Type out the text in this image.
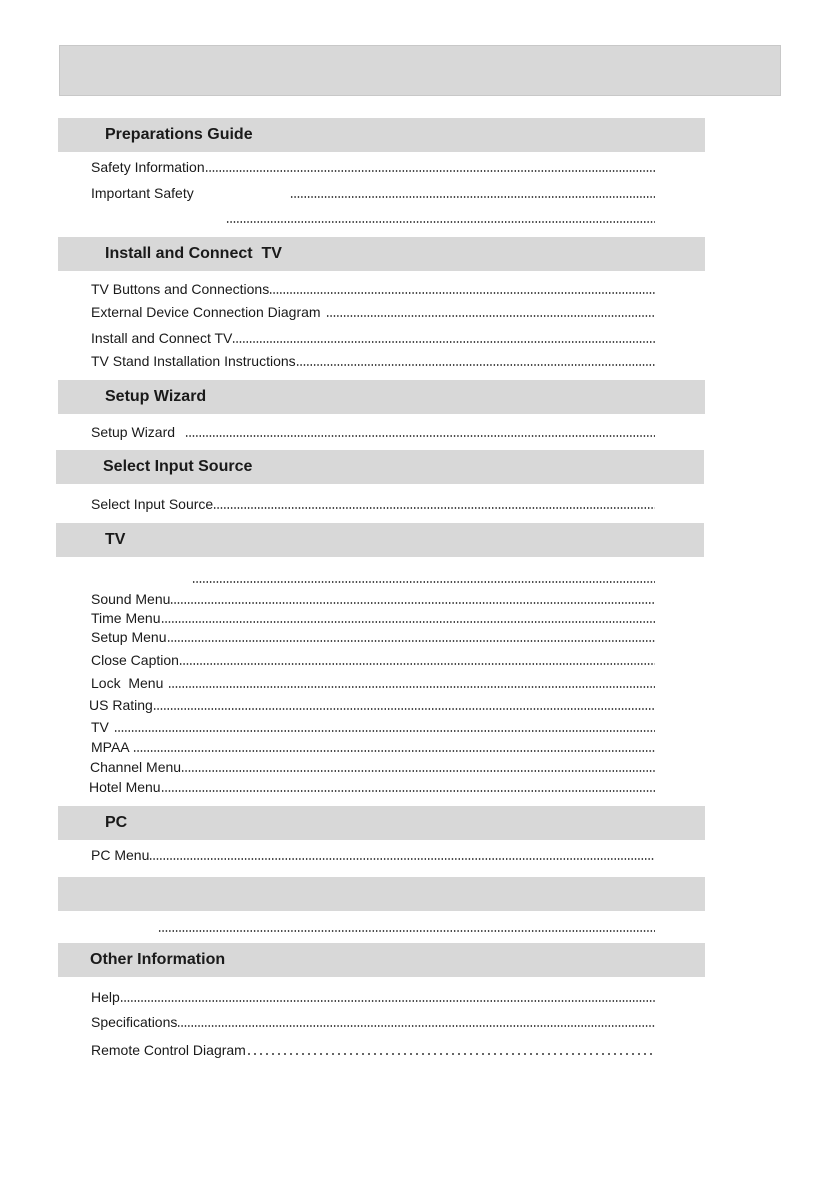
Preparations Guide
Safety Information
Important Safety
Install and Connect  TV
TV Buttons and Connections
External Device Connection Diagram
Install and Connect TV
TV Stand Installation Instructions
Setup Wizard
Setup Wizard
Select Input Source
Select Input Source
TV
Sound Menu
Time Menu
Setup Menu
Close Caption
Lock  Menu
US Rating
TV
MPAA
Channel Menu
Hotel Menu
PC
PC Menu
Other Information
Help
Specifications
Remote Control Diagram
